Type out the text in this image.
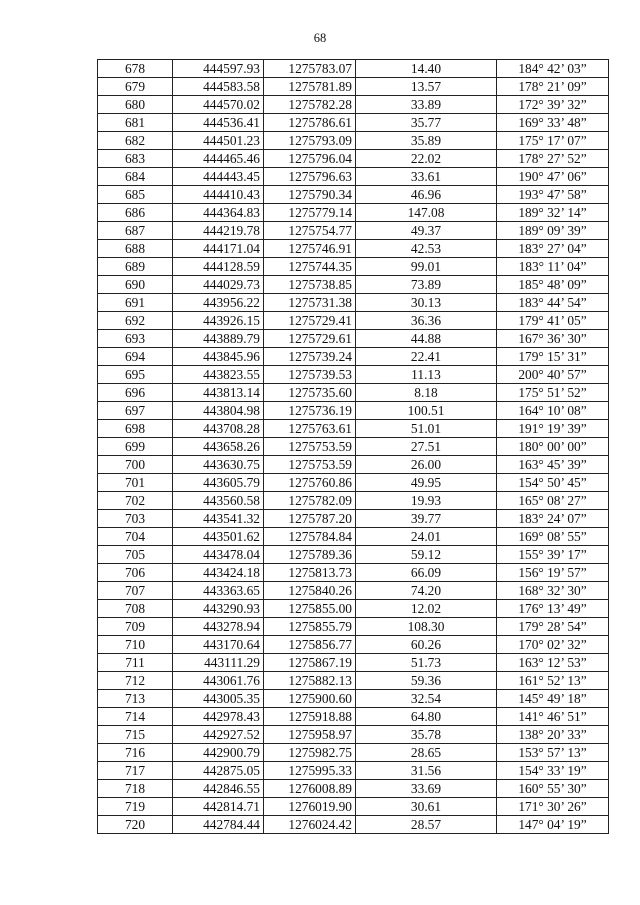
68
678	444597.93	1275783.07	14.40	184° 42’ 03”
679	444583.58	1275781.89	13.57	178° 21’ 09”
680	444570.02	1275782.28	33.89	172° 39’ 32”
681	444536.41	1275786.61	35.77	169° 33’ 48”
682	444501.23	1275793.09	35.89	175° 17’ 07”
683	444465.46	1275796.04	22.02	178° 27’ 52”
684	444443.45	1275796.63	33.61	190° 47’ 06”
685	444410.43	1275790.34	46.96	193° 47’ 58”
686	444364.83	1275779.14	147.08	189° 32’ 14”
687	444219.78	1275754.77	49.37	189° 09’ 39”
688	444171.04	1275746.91	42.53	183° 27’ 04”
689	444128.59	1275744.35	99.01	183° 11’ 04”
690	444029.73	1275738.85	73.89	185° 48’ 09”
691	443956.22	1275731.38	30.13	183° 44’ 54”
692	443926.15	1275729.41	36.36	179° 41’ 05”
693	443889.79	1275729.61	44.88	167° 36’ 30”
694	443845.96	1275739.24	22.41	179° 15’ 31”
695	443823.55	1275739.53	11.13	200° 40’ 57”
696	443813.14	1275735.60	8.18	175° 51’ 52”
697	443804.98	1275736.19	100.51	164° 10’ 08”
698	443708.28	1275763.61	51.01	191° 19’ 39”
699	443658.26	1275753.59	27.51	180° 00’ 00”
700	443630.75	1275753.59	26.00	163° 45’ 39”
701	443605.79	1275760.86	49.95	154° 50’ 45”
702	443560.58	1275782.09	19.93	165° 08’ 27”
703	443541.32	1275787.20	39.77	183° 24’ 07”
704	443501.62	1275784.84	24.01	169° 08’ 55”
705	443478.04	1275789.36	59.12	155° 39’ 17”
706	443424.18	1275813.73	66.09	156° 19’ 57”
707	443363.65	1275840.26	74.20	168° 32’ 30”
708	443290.93	1275855.00	12.02	176° 13’ 49”
709	443278.94	1275855.79	108.30	179° 28’ 54”
710	443170.64	1275856.77	60.26	170° 02’ 32”
711	443111.29	1275867.19	51.73	163° 12’ 53”
712	443061.76	1275882.13	59.36	161° 52’ 13”
713	443005.35	1275900.60	32.54	145° 49’ 18”
714	442978.43	1275918.88	64.80	141° 46’ 51”
715	442927.52	1275958.97	35.78	138° 20’ 33”
716	442900.79	1275982.75	28.65	153° 57’ 13”
717	442875.05	1275995.33	31.56	154° 33’ 19”
718	442846.55	1276008.89	33.69	160° 55’ 30”
719	442814.71	1276019.90	30.61	171° 30’ 26”
720	442784.44	1276024.42	28.57	147° 04’ 19”
